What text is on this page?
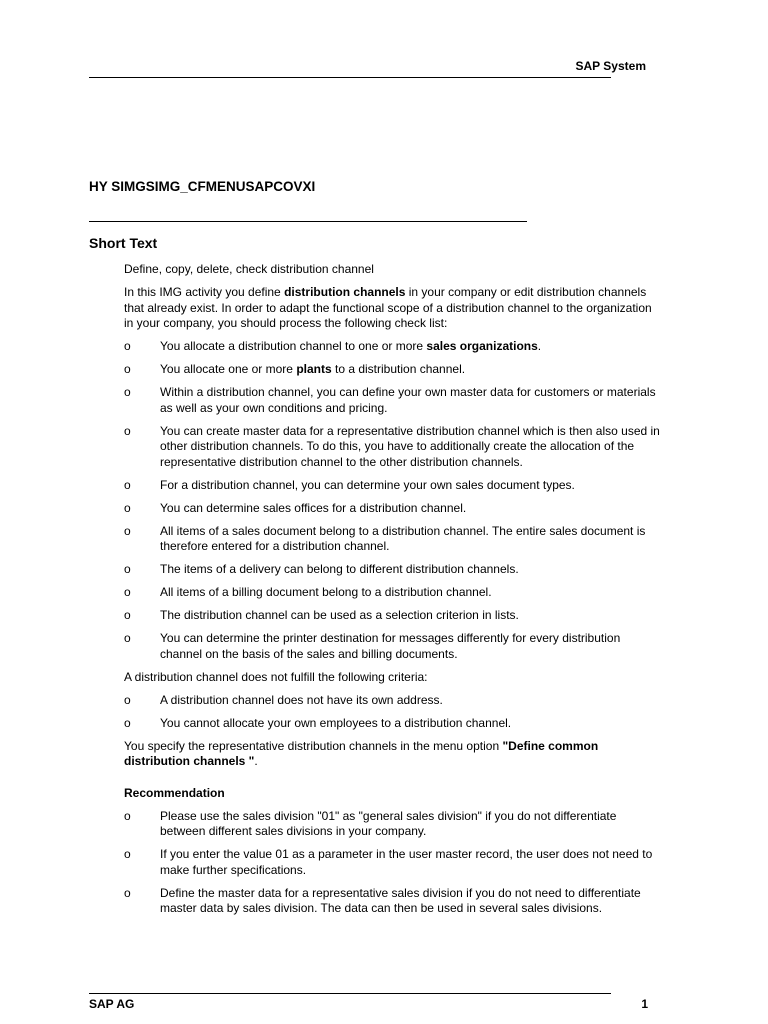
SAP System
HY SIMGSIMG_CFMENUSAPCOVXI
Short Text

Define, copy, delete, check distribution channel

In this IMG activity you define distribution channels in your company or edit distribution channels that already exist. In order to adapt the functional scope of a distribution channel to the organization in your company, you should process the following check list:

o	You allocate a distribution channel to one or more sales organizations.
o	You allocate one or more plants to a distribution channel.
o	Within a distribution channel, you can define your own master data for customers or materials as well as your own conditions and pricing.
o	You can create master data for a representative distribution channel which is then also used in other distribution channels. To do this, you have to additionally create the allocation of the representative distribution channel to the other distribution channels.
o	For a distribution channel, you can determine your own sales document types.
o	You can determine sales offices for a distribution channel.
o	All items of a sales document belong to a distribution channel. The entire sales document is therefore entered for a distribution channel.
o	The items of a delivery can belong to different distribution channels.
o	All items of a billing document belong to a distribution channel.
o	The distribution channel can be used as a selection criterion in lists.
o	You can determine the printer destination for messages differently for every distribution channel on the basis of the sales and billing documents.

A distribution channel does not fulfill the following criteria:

o	A distribution channel does not have its own address.
o	You cannot allocate your own employees to a distribution channel.

You specify the representative distribution channels in the menu option "Define common distribution channels ".

Recommendation

o	Please use the sales division "01" as "general sales division" if you do not differentiate between different sales divisions in your company.
o	If you enter the value 01 as a parameter in the user master record, the user does not need to make further specifications.
o	Define the master data for a representative sales division if you do not need to differentiate master data by sales division. The data can then be used in several sales divisions.
SAP AG	1
